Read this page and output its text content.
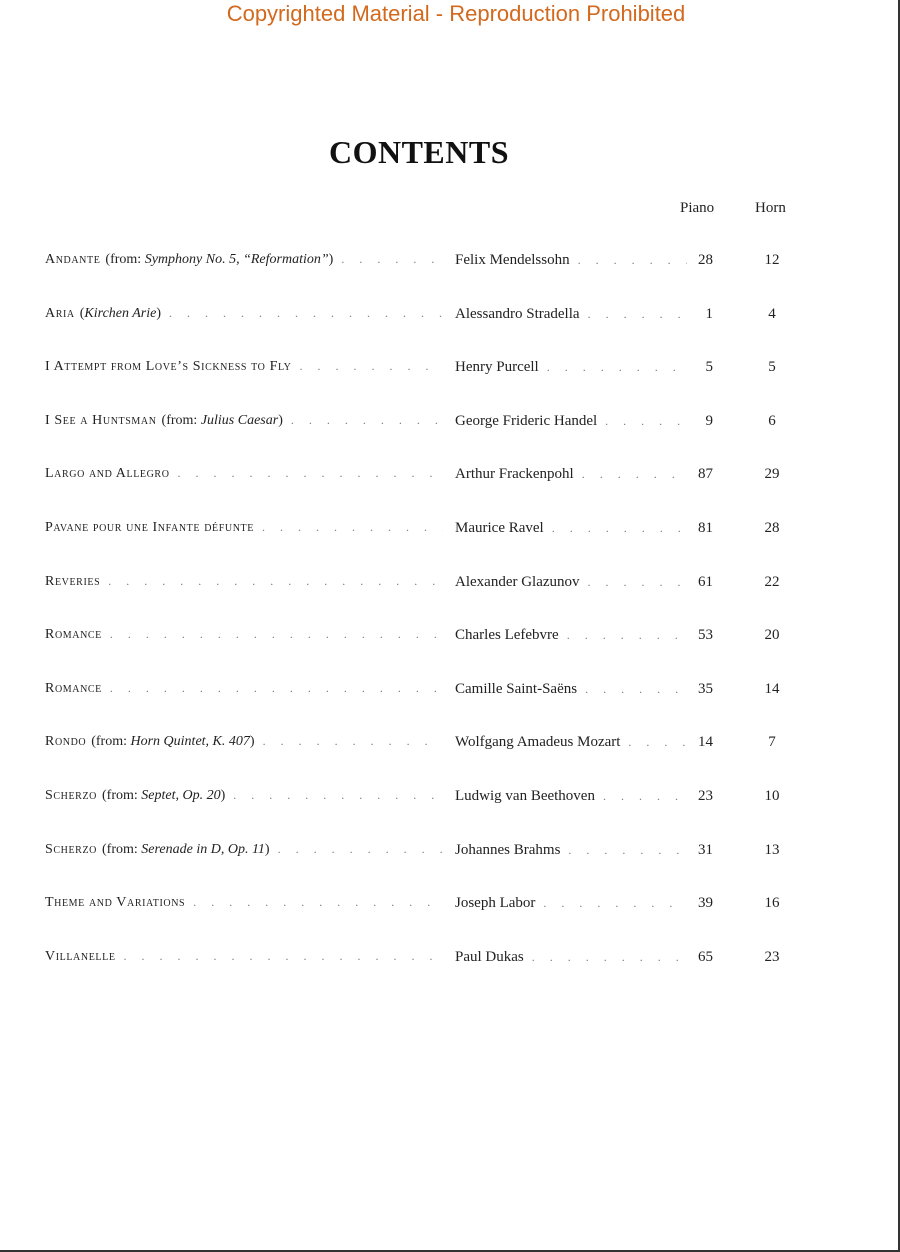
Copyrighted Material - Reproduction Prohibited
CONTENTS
Piano	Horn
Andante (from: Symphony No. 5, “Reformation”) . . .	Felix Mendelssohn . . .	28	12
Aria (Kirchen Arie) . . .	Alessandro Stradella . . .	1	4
I Attempt from Love’s Sickness to Fly . . .	Henry Purcell . . .	5	5
I See a Huntsman (from: Julius Caesar) . . .	George Frideric Handel . . .	9	6
Largo and Allegro . . .	Arthur Frackenpohl . . .	87	29
Pavane pour une Infante défunte . . .	Maurice Ravel . . .	81	28
Reveries . . .	Alexander Glazunov . . .	61	22
Romance . . .	Charles Lefebvre . . .	53	20
Romance . . .	Camille Saint-Saëns . . .	35	14
Rondo (from: Horn Quintet, K. 407) . . .	Wolfgang Amadeus Mozart . . .	14	7
Scherzo (from: Septet, Op. 20) . . .	Ludwig van Beethoven . . .	23	10
Scherzo (from: Serenade in D, Op. 11) . . .	Johannes Brahms . . .	31	13
Theme and Variations . . .	Joseph Labor . . .	39	16
Villanelle . . .	Paul Dukas . . .	65	23
